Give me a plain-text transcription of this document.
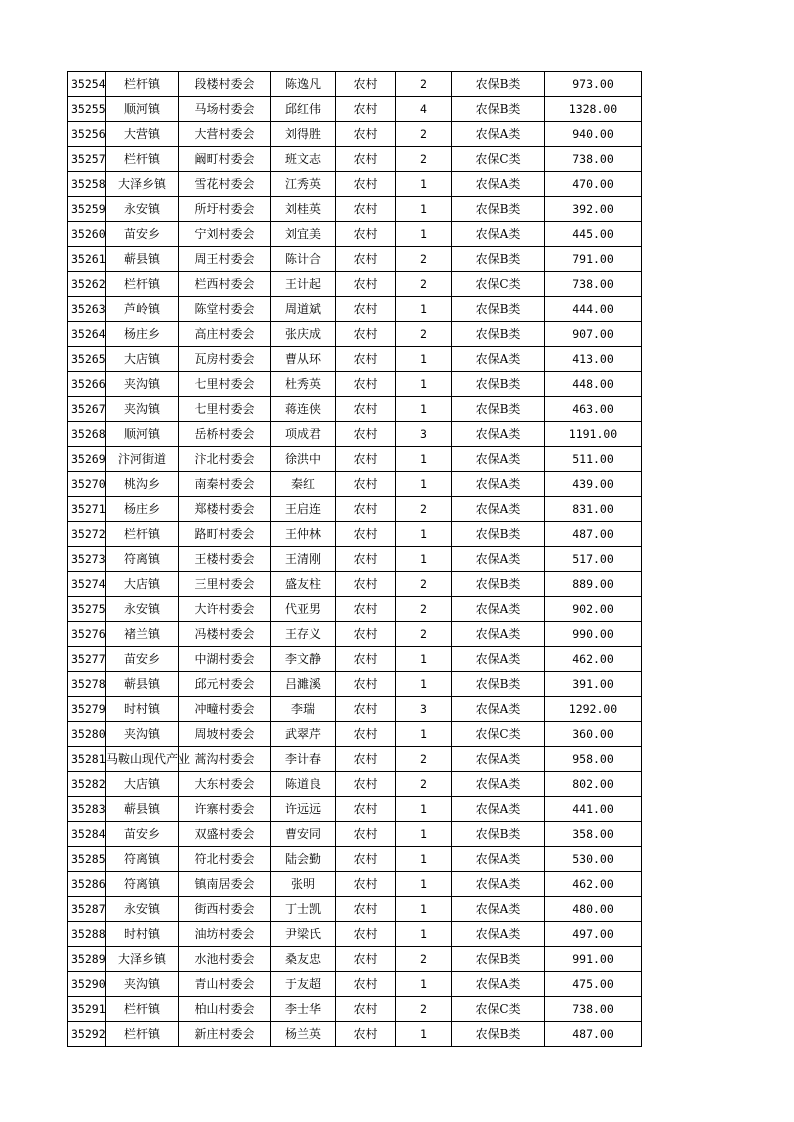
35254	栏杆镇	段楼村委会	陈逸凡	农村	2	农保B类	973.00
35255	顺河镇	马场村委会	邱红伟	农村	4	农保B类	1328.00
35256	大营镇	大营村委会	刘得胜	农村	2	农保A类	940.00
35257	栏杆镇	阚町村委会	班文志	农村	2	农保C类	738.00
35258	大泽乡镇	雪花村委会	江秀英	农村	1	农保A类	470.00
35259	永安镇	所圩村委会	刘桂英	农村	1	农保B类	392.00
35260	苗安乡	宁刘村委会	刘宜美	农村	1	农保A类	445.00
35261	蕲县镇	周王村委会	陈计合	农村	2	农保B类	791.00
35262	栏杆镇	栏西村委会	王计起	农村	2	农保C类	738.00
35263	芦岭镇	陈堂村委会	周道斌	农村	1	农保B类	444.00
35264	杨庄乡	高庄村委会	张庆成	农村	2	农保B类	907.00
35265	大店镇	瓦房村委会	曹从环	农村	1	农保A类	413.00
35266	夹沟镇	七里村委会	杜秀英	农村	1	农保B类	448.00
35267	夹沟镇	七里村委会	蒋连侠	农村	1	农保B类	463.00
35268	顺河镇	岳桥村委会	项成君	农村	3	农保A类	1191.00
35269	汴河街道	汴北村委会	徐洪中	农村	1	农保A类	511.00
35270	桃沟乡	南秦村委会	秦红	农村	1	农保A类	439.00
35271	杨庄乡	郑楼村委会	王启连	农村	2	农保A类	831.00
35272	栏杆镇	路町村委会	王仲林	农村	1	农保B类	487.00
35273	符离镇	王楼村委会	王清刚	农村	1	农保A类	517.00
35274	大店镇	三里村委会	盛友柱	农村	2	农保B类	889.00
35275	永安镇	大许村委会	代亚男	农村	2	农保A类	902.00
35276	褚兰镇	冯楼村委会	王存义	农村	2	农保A类	990.00
35277	苗安乡	中湖村委会	李文静	农村	1	农保A类	462.00
35278	蕲县镇	邱元村委会	吕濉溪	农村	1	农保B类	391.00
35279	时村镇	冲疃村委会	李瑞	农村	3	农保A类	1292.00
35280	夹沟镇	周坡村委会	武翠芹	农村	1	农保C类	360.00
35281	马鞍山现代产业	蒿沟村委会	李计春	农村	2	农保A类	958.00
35282	大店镇	大东村委会	陈道良	农村	2	农保A类	802.00
35283	蕲县镇	许寨村委会	许远远	农村	1	农保A类	441.00
35284	苗安乡	双盛村委会	曹安同	农村	1	农保B类	358.00
35285	符离镇	符北村委会	陆会勤	农村	1	农保A类	530.00
35286	符离镇	镇南居委会	张明	农村	1	农保A类	462.00
35287	永安镇	街西村委会	丁士凯	农村	1	农保A类	480.00
35288	时村镇	油坊村委会	尹梁氏	农村	1	农保A类	497.00
35289	大泽乡镇	水池村委会	桑友忠	农村	2	农保B类	991.00
35290	夹沟镇	青山村委会	于友超	农村	1	农保A类	475.00
35291	栏杆镇	柏山村委会	李士华	农村	2	农保C类	738.00
35292	栏杆镇	新庄村委会	杨兰英	农村	1	农保B类	487.00
